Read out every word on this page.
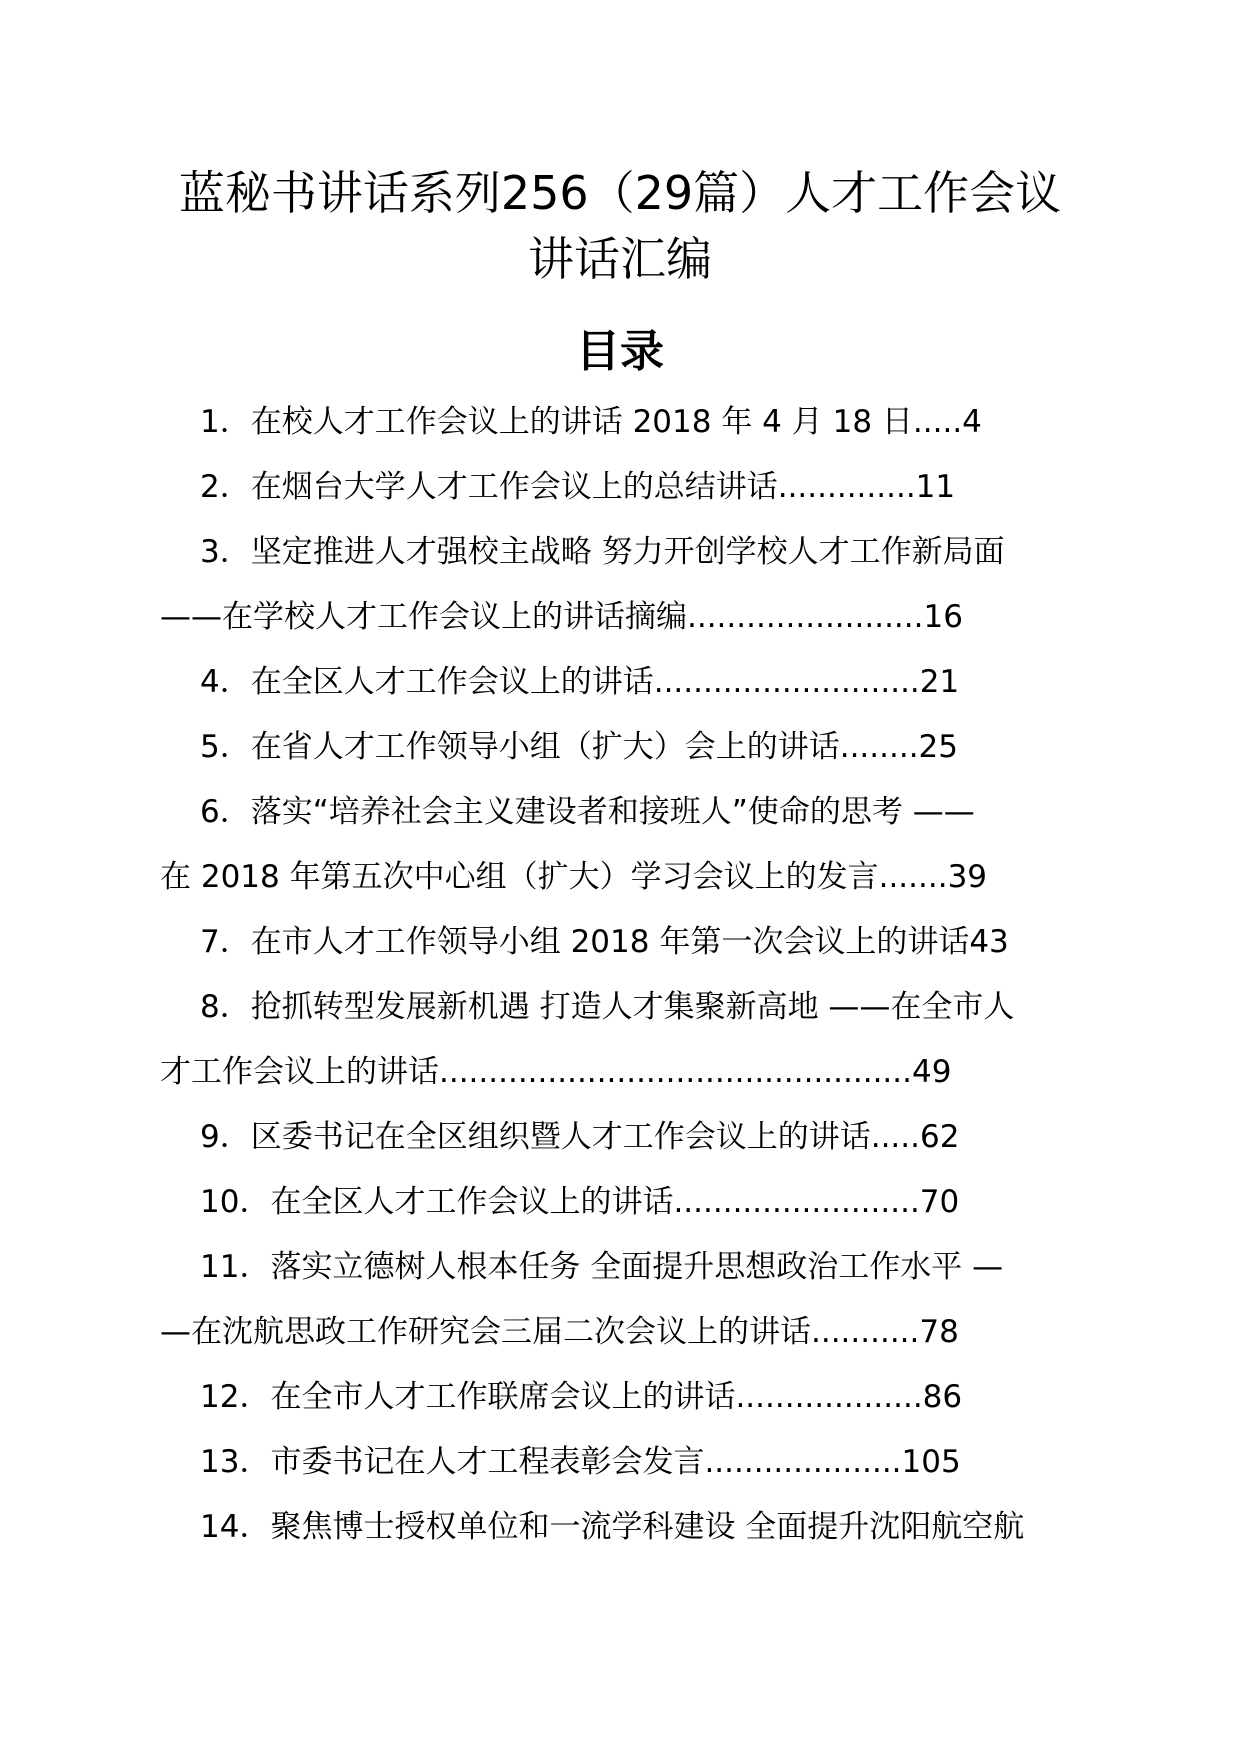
蓝秘书讲话系列256（29篇）人才工作会议
讲话汇编
目录
1．在校人才工作会议上的讲话 2018 年 4 月 18 日.....4
2．在烟台大学人才工作会议上的总结讲话..............11
3．坚定推进人才强校主战略 努力开创学校人才工作新局面
——在学校人才工作会议上的讲话摘编........................16
4．在全区人才工作会议上的讲话...........................21
5．在省人才工作领导小组（扩大）会上的讲话........25
6．落实“培养社会主义建设者和接班人”使命的思考 ——
在 2018 年第五次中心组（扩大）学习会议上的发言.......39
7．在市人才工作领导小组 2018 年第一次会议上的讲话43
8．抢抓转型发展新机遇 打造人才集聚新高地 ——在全市人
才工作会议上的讲话................................................49
9．区委书记在全区组织暨人才工作会议上的讲话.....62
10．在全区人才工作会议上的讲话.........................70
11．落实立德树人根本任务 全面提升思想政治工作水平 —
—在沈航思政工作研究会三届二次会议上的讲话...........78
12．在全市人才工作联席会议上的讲话...................86
13．市委书记在人才工程表彰会发言....................105
14．聚焦博士授权单位和一流学科建设 全面提升沈阳航空航
